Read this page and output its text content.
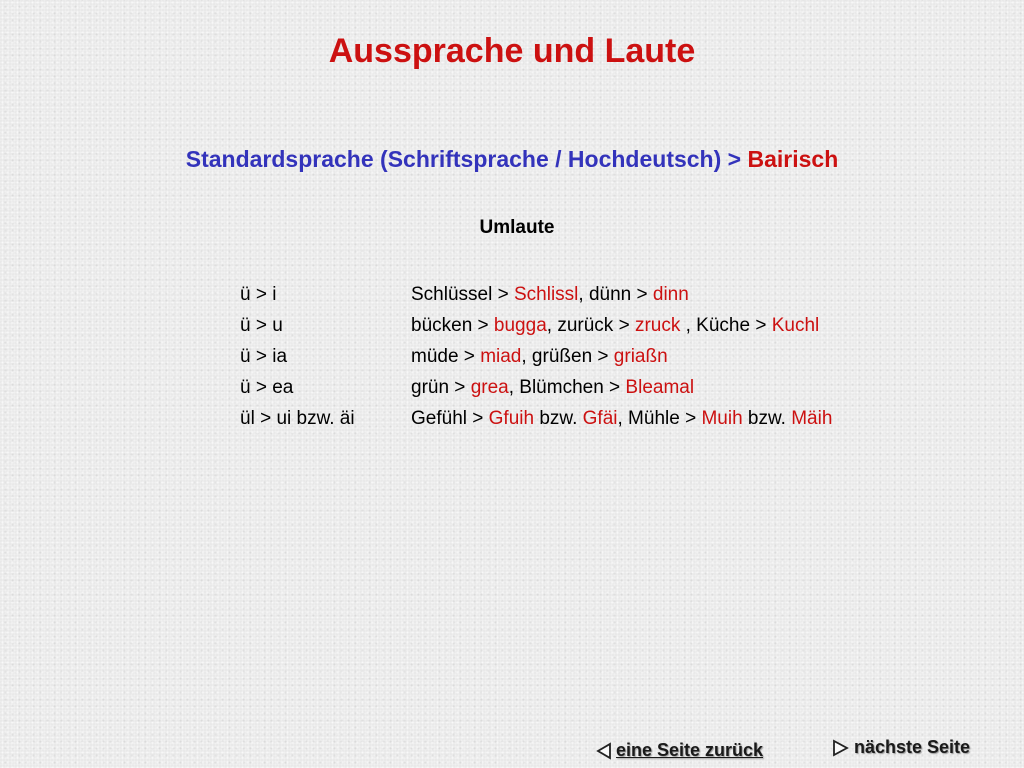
Aussprache und Laute
Standardsprache (Schriftsprache / Hochdeutsch) > Bairisch
Umlaute
ü > i	Schlüssel > Schlissl, dünn > dinn
ü > u	bücken > bugga, zurück > zruck , Küche > Kuchl
ü > ia	müde > miad, grüßen > griaßn
ü > ea	grün > grea, Blümchen > Bleamal
ül > ui bzw. äi	Gefühl > Gfuih bzw. Gfäi, Mühle > Muih bzw. Mäih
eine Seite zurück	nächste Seite
